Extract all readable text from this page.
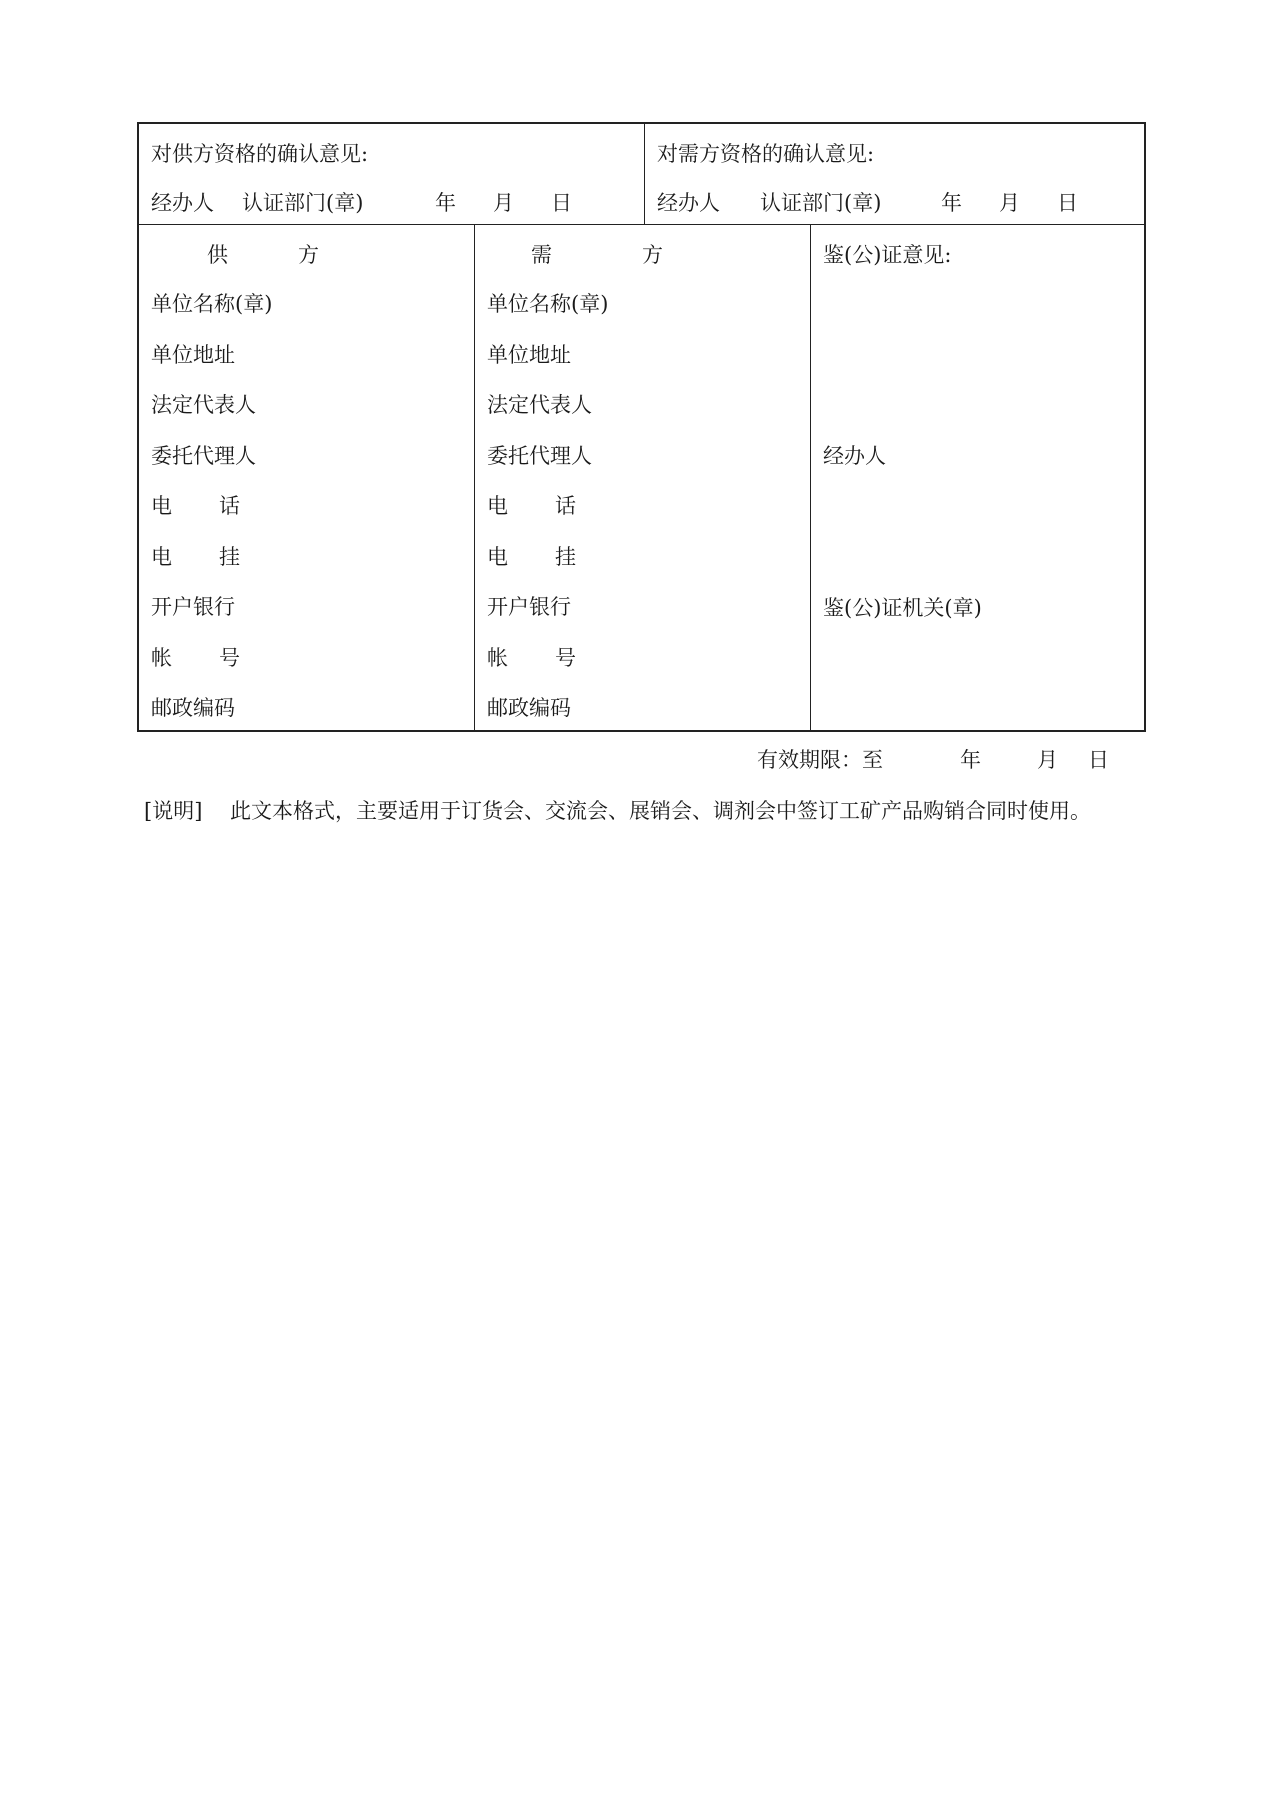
对供方资格的确认意见:
经办人	认证部门(章)	年	月	日
对需方资格的确认意见:
经办人	认证部门(章)	年	月	日
供	方
单位名称(章)
单位地址
法定代表人
委托代理人
电 话
电 挂
开户银行
帐 号
邮政编码
需	方
单位名称(章)
单位地址
法定代表人
委托代理人
电 话
电 挂
开户银行
帐 号
邮政编码
鉴(公)证意见:
经办人
鉴(公)证机关(章)
有效期限：至	年	月	日
[说明]	此文本格式，主要适用于订货会、交流会、展销会、调剂会中签订工矿产品购销合同时使用。
